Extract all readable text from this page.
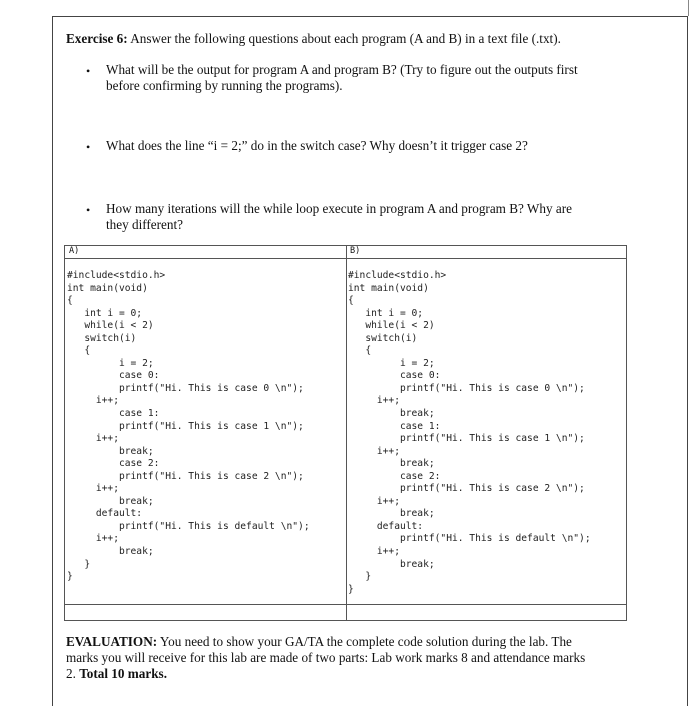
Exercise 6: Answer the following questions about each program (A and B) in a text file (.txt).
• What will be the output for program A and program B? (Try to figure out the outputs first before confirming by running the programs).
• What does the line “i = 2;” do in the switch case? Why doesn’t it trigger case 2?
• How many iterations will the while loop execute in program A and program B? Why are they different?
A)
#include<stdio.h>
int main(void)
{
int i = 0;
while(i < 2)
switch(i)
{
i = 2;
case 0:
printf("Hi. This is case 0 \n");
i++;
case 1:
printf("Hi. This is case 1 \n");
i++;
break;
case 2:
printf("Hi. This is case 2 \n");
i++;
break;
default:
printf("Hi. This is default \n");
i++;
break;
}
}
B)
#include<stdio.h>
int main(void)
{
int i = 0;
while(i < 2)
switch(i)
{
i = 2;
case 0:
printf("Hi. This is case 0 \n");
i++;
break;
case 1:
printf("Hi. This is case 1 \n");
i++;
break;
case 2:
printf("Hi. This is case 2 \n");
i++;
break;
default:
printf("Hi. This is default \n");
i++;
break;
}
}
EVALUATION: You need to show your GA/TA the complete code solution during the lab. The marks you will receive for this lab are made of two parts: Lab work marks 8 and attendance marks 2. Total 10 marks.
